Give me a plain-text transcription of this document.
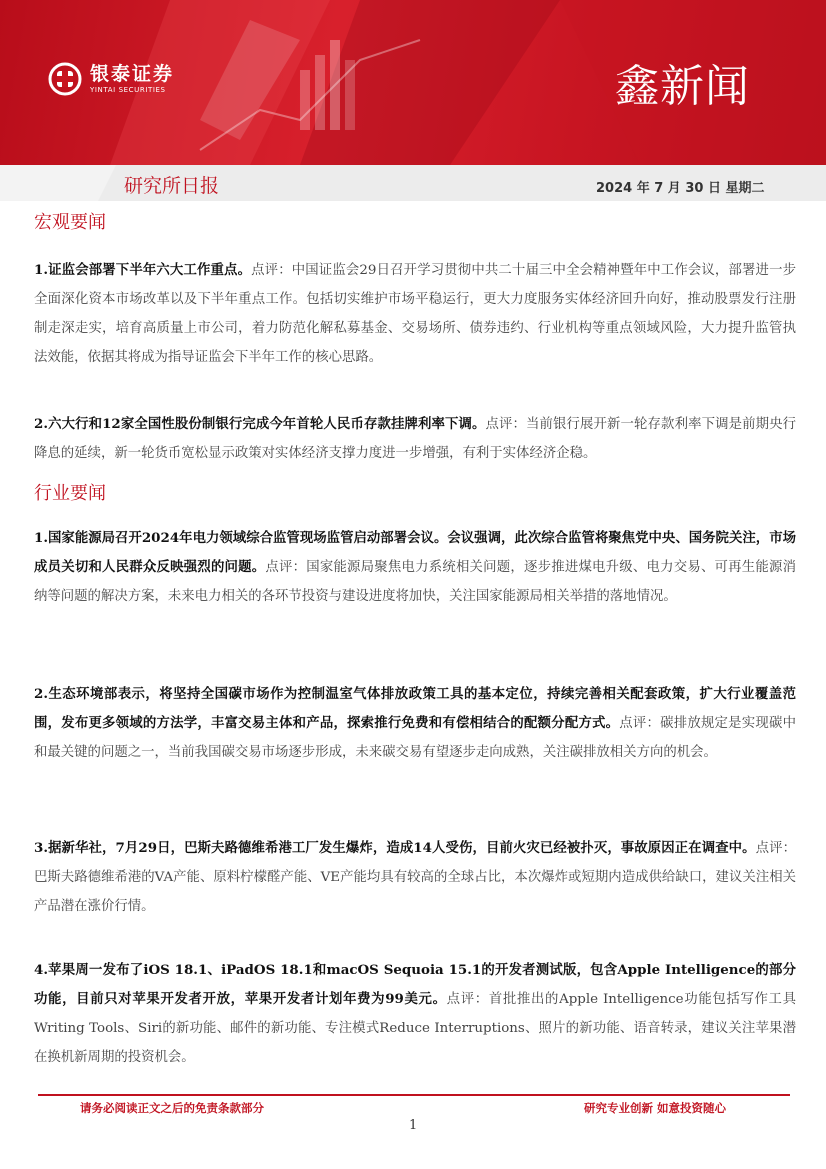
银泰证券
YINTAI SECURITIES	鑫新闻
研究所日报	2024 年 7 月 30 日 星期二
宏观要闻
1.证监会部署下半年六大工作重点。点评：中国证监会29日召开学习贯彻中共二十届三中全会精神暨年中工作会议，部署进一步全面深化资本市场改革以及下半年重点工作。包括切实维护市场平稳运行，更大力度服务实体经济回升向好，推动股票发行注册制走深走实，培育高质量上市公司，着力防范化解私募基金、交易场所、债券违约、行业机构等重点领域风险，大力提升监管执法效能，依据其将成为指导证监会下半年工作的核心思路。
2.六大行和12家全国性股份制银行完成今年首轮人民币存款挂牌利率下调。点评：当前银行展开新一轮存款利率下调是前期央行降息的延续，新一轮货币宽松显示政策对实体经济支撑力度进一步增强，有利于实体经济企稳。
行业要闻
1.国家能源局召开2024年电力领域综合监管现场监管启动部署会议。会议强调，此次综合监管将聚焦党中央、国务院关注，市场成员关切和人民群众反映强烈的问题。点评：国家能源局聚焦电力系统相关问题，逐步推进煤电升级、电力交易、可再生能源消纳等问题的解决方案，未来电力相关的各环节投资与建设进度将加快，关注国家能源局相关举措的落地情况。
2.生态环境部表示，将坚持全国碳市场作为控制温室气体排放政策工具的基本定位，持续完善相关配套政策，扩大行业覆盖范围，发布更多领域的方法学，丰富交易主体和产品，探索推行免费和有偿相结合的配额分配方式。点评：碳排放规定是实现碳中和最关键的问题之一，当前我国碳交易市场逐步形成，未来碳交易有望逐步走向成熟，关注碳排放相关方向的机会。
3.据新华社，7月29日，巴斯夫路德维希港工厂发生爆炸，造成14人受伤，目前火灾已经被扑灭，事故原因正在调查中。点评：巴斯夫路德维希港的VA产能、原料柠檬醛产能、VE产能均具有较高的全球占比，本次爆炸或短期内造成供给缺口，建议关注相关产品潜在涨价行情。
4.苹果周一发布了iOS 18.1、iPadOS 18.1和macOS Sequoia 15.1的开发者测试版，包含Apple Intelligence的部分功能，目前只对苹果开发者开放，苹果开发者计划年费为99美元。点评：首批推出的Apple Intelligence功能包括写作工具Writing Tools、Siri的新功能、邮件的新功能、专注模式Reduce Interruptions、照片的新功能、语音转录，建议关注苹果潜在换机新周期的投资机会。
请务必阅读正文之后的免责条款部分	研究专业创新 如意投资随心
1
